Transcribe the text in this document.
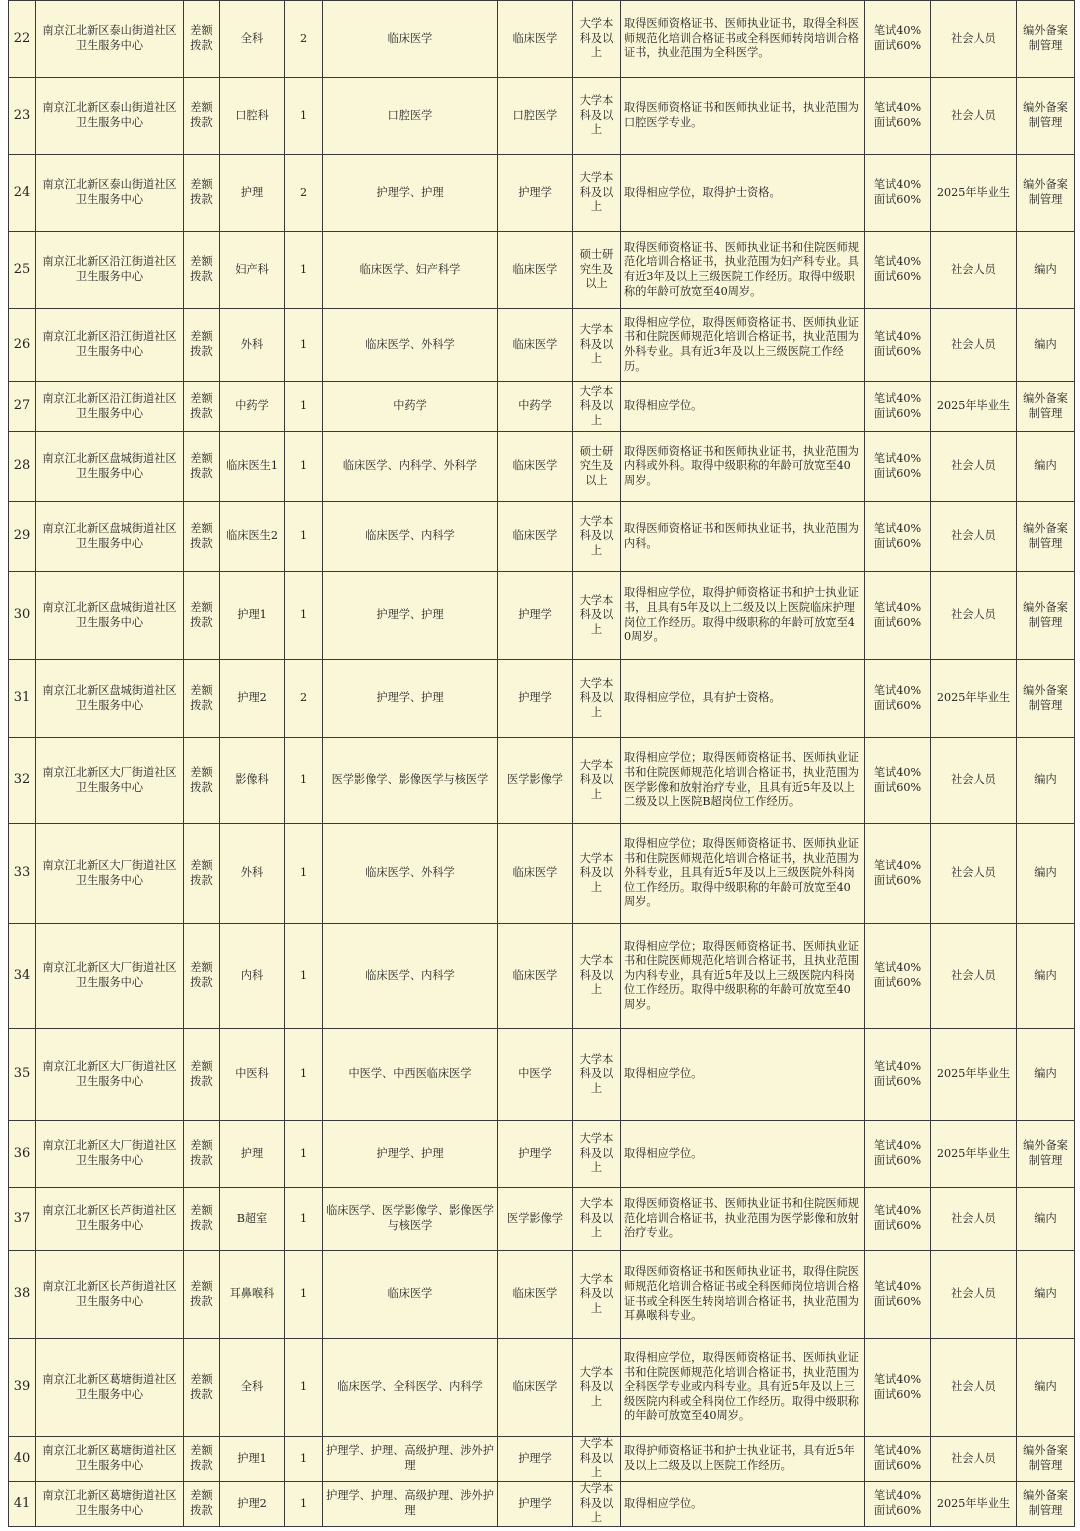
22	南京江北新区泰山街道社区卫生服务中心	差额拨款	全科	2	临床医学	临床医学	大学本科及以上	取得医师资格证书、医师执业证书，取得全科医师规范化培训合格证书或全科医师转岗培训合格证书，执业范围为全科医学。	笔试40% 面试60%	社会人员	编外备案制管理
23	南京江北新区泰山街道社区卫生服务中心	差额拨款	口腔科	1	口腔医学	口腔医学	大学本科及以上	取得医师资格证书和医师执业证书，执业范围为口腔医学专业。	笔试40% 面试60%	社会人员	编外备案制管理
24	南京江北新区泰山街道社区卫生服务中心	差额拨款	护理	2	护理学、护理	护理学	大学本科及以上	取得相应学位，取得护士资格。	笔试40% 面试60%	2025年毕业生	编外备案制管理
25	南京江北新区沿江街道社区卫生服务中心	差额拨款	妇产科	1	临床医学、妇产科学	临床医学	硕士研究生及以上	取得医师资格证书、医师执业证书和住院医师规范化培训合格证书，执业范围为妇产科专业。具有近3年及以上三级医院工作经历。取得中级职称的年龄可放宽至40周岁。	笔试40% 面试60%	社会人员	编内
26	南京江北新区沿江街道社区卫生服务中心	差额拨款	外科	1	临床医学、外科学	临床医学	大学本科及以上	取得相应学位，取得医师资格证书、医师执业证书和住院医师规范化培训合格证书，执业范围为外科专业。具有近3年及以上三级医院工作经历。	笔试40% 面试60%	社会人员	编内
27	南京江北新区沿江街道社区卫生服务中心	差额拨款	中药学	1	中药学	中药学	大学本科及以上	取得相应学位。	笔试40% 面试60%	2025年毕业生	编外备案制管理
28	南京江北新区盘城街道社区卫生服务中心	差额拨款	临床医生1	1	临床医学、内科学、外科学	临床医学	硕士研究生及以上	取得医师资格证书和医师执业证书，执业范围为内科或外科。取得中级职称的年龄可放宽至40周岁。	笔试40% 面试60%	社会人员	编内
29	南京江北新区盘城街道社区卫生服务中心	差额拨款	临床医生2	1	临床医学、内科学	临床医学	大学本科及以上	取得医师资格证书和医师执业证书，执业范围为内科。	笔试40% 面试60%	社会人员	编外备案制管理
30	南京江北新区盘城街道社区卫生服务中心	差额拨款	护理1	1	护理学、护理	护理学	大学本科及以上	取得相应学位，取得护师资格证书和护士执业证书，且具有5年及以上二级及以上医院临床护理岗位工作经历。取得中级职称的年龄可放宽至40周岁。	笔试40% 面试60%	社会人员	编外备案制管理
31	南京江北新区盘城街道社区卫生服务中心	差额拨款	护理2	2	护理学、护理	护理学	大学本科及以上	取得相应学位，具有护士资格。	笔试40% 面试60%	2025年毕业生	编外备案制管理
32	南京江北新区大厂街道社区卫生服务中心	差额拨款	影像科	1	医学影像学、影像医学与核医学	医学影像学	大学本科及以上	取得相应学位；取得医师资格证书、医师执业证书和住院医师规范化培训合格证书，执业范围为医学影像和放射治疗专业，且具有近5年及以上二级及以上医院B超岗位工作经历。	笔试40% 面试60%	社会人员	编内
33	南京江北新区大厂街道社区卫生服务中心	差额拨款	外科	1	临床医学、外科学	临床医学	大学本科及以上	取得相应学位；取得医师资格证书、医师执业证书和住院医师规范化培训合格证书，执业范围为外科专业，且具有近5年及以上三级医院外科岗位工作经历。取得中级职称的年龄可放宽至40周岁。	笔试40% 面试60%	社会人员	编内
34	南京江北新区大厂街道社区卫生服务中心	差额拨款	内科	1	临床医学、内科学	临床医学	大学本科及以上	取得相应学位；取得医师资格证书、医师执业证书和住院医师规范化培训合格证书，且执业范围为内科专业，具有近5年及以上三级医院内科岗位工作经历。取得中级职称的年龄可放宽至40周岁。	笔试40% 面试60%	社会人员	编内
35	南京江北新区大厂街道社区卫生服务中心	差额拨款	中医科	1	中医学、中西医临床医学	中医学	大学本科及以上	取得相应学位。	笔试40% 面试60%	2025年毕业生	编内
36	南京江北新区大厂街道社区卫生服务中心	差额拨款	护理	1	护理学、护理	护理学	大学本科及以上	取得相应学位。	笔试40% 面试60%	2025年毕业生	编外备案制管理
37	南京江北新区长芦街道社区卫生服务中心	差额拨款	B超室	1	临床医学、医学影像学、影像医学与核医学	医学影像学	大学本科及以上	取得医师资格证书、医师执业证书和住院医师规范化培训合格证书，执业范围为医学影像和放射治疗专业。	笔试40% 面试60%	社会人员	编内
38	南京江北新区长芦街道社区卫生服务中心	差额拨款	耳鼻喉科	1	临床医学	临床医学	大学本科及以上	取得医师资格证书和医师执业证书，取得住院医师规范化培训合格证书或全科医师岗位培训合格证书或全科医生转岗培训合格证书，执业范围为耳鼻喉科专业。	笔试40% 面试60%	社会人员	编内
39	南京江北新区葛塘街道社区卫生服务中心	差额拨款	全科	1	临床医学、全科医学、内科学	临床医学	大学本科及以上	取得相应学位，取得医师资格证书、医师执业证书和住院医师规范化培训合格证书，执业范围为全科医学专业或内科专业。具有近5年及以上三级医院内科或全科岗位工作经历。取得中级职称的年龄可放宽至40周岁。	笔试40% 面试60%	社会人员	编内
40	南京江北新区葛塘街道社区卫生服务中心	差额拨款	护理1	1	护理学、护理、高级护理、涉外护理	护理学	大学本科及以上	取得护师资格证书和护士执业证书，具有近5年及以上二级及以上医院工作经历。	笔试40% 面试60%	社会人员	编外备案制管理
41	南京江北新区葛塘街道社区卫生服务中心	差额拨款	护理2	1	护理学、护理、高级护理、涉外护理	护理学	大学本科及以上	取得相应学位。	笔试40% 面试60%	2025年毕业生	编外备案制管理
